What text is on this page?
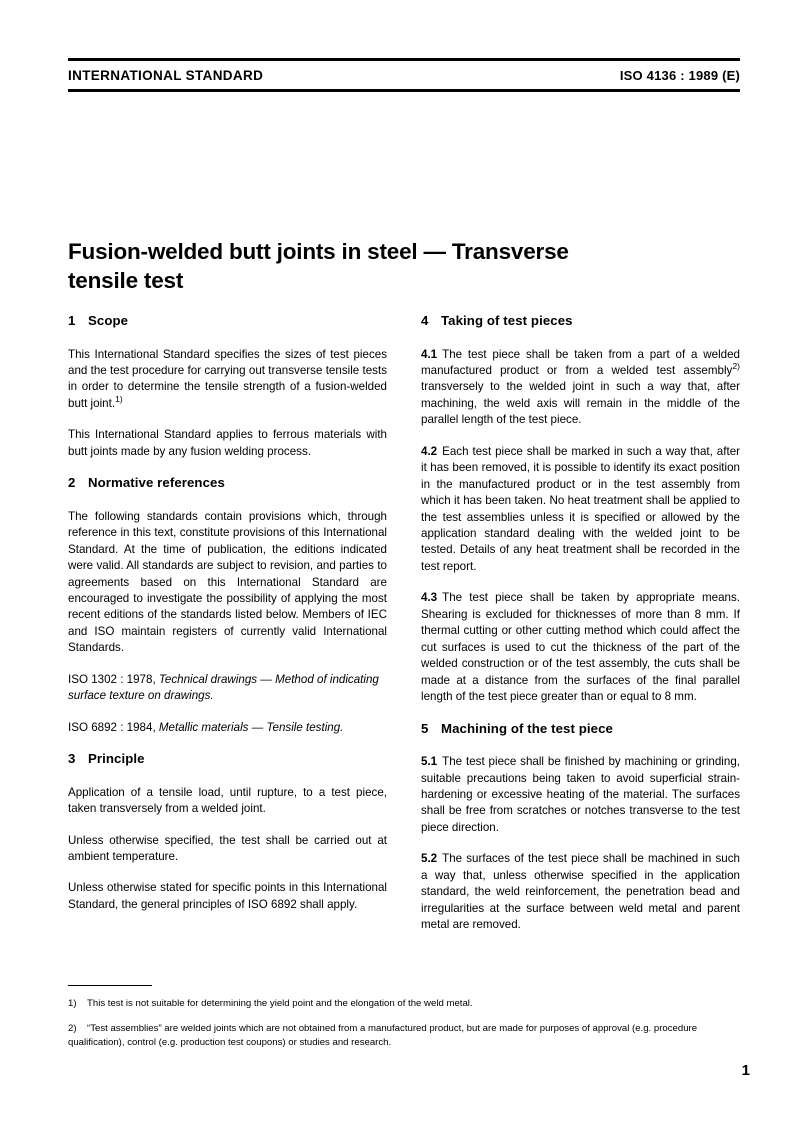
INTERNATIONAL STANDARD	ISO 4136 : 1989 (E)
Fusion-welded butt joints in steel — Transverse
tensile test
1 Scope

This International Standard specifies the sizes of test pieces and the test procedure for carrying out transverse tensile tests in order to determine the tensile strength of a fusion-welded butt joint.$^{1)}$

This International Standard applies to ferrous materials with butt joints made by any fusion welding process.

2 Normative references

The following standards contain provisions which, through reference in this text, constitute provisions of this International Standard. At the time of publication, the editions indicated were valid. All standards are subject to revision, and parties to agreements based on this International Standard are encouraged to investigate the possibility of applying the most recent editions of the standards listed below. Members of IEC and ISO maintain registers of currently valid International Standards.

ISO 1302 : 1978, Technical drawings — Method of indicating surface texture on drawings.

ISO 6892 : 1984, Metallic materials — Tensile testing.

3 Principle

Application of a tensile load, until rupture, to a test piece, taken transversely from a welded joint.

Unless otherwise specified, the test shall be carried out at ambient temperature.

Unless otherwise stated for specific points in this International Standard, the general principles of ISO 6892 shall apply.

4 Taking of test pieces

4.1 The test piece shall be taken from a part of a welded manufactured product or from a welded test assembly$^{2)}$ transversely to the welded joint in such a way that, after machining, the weld axis will remain in the middle of the parallel length of the test piece.

4.2 Each test piece shall be marked in such a way that, after it has been removed, it is possible to identify its exact position in the manufactured product or in the test assembly from which it has been taken. No heat treatment shall be applied to the test assemblies unless it is specified or allowed by the application standard dealing with the welded joint to be tested. Details of any heat treatment shall be recorded in the test report.

4.3 The test piece shall be taken by appropriate means. Shearing is excluded for thicknesses of more than 8 mm. If thermal cutting or other cutting method which could affect the cut surfaces is used to cut the thickness of the part of the welded construction or of the test assembly, the cuts shall be made at a distance from the surfaces of the final parallel length of the test piece greater than or equal to 8 mm.

5 Machining of the test piece

5.1 The test piece shall be finished by machining or grinding, suitable precautions being taken to avoid superficial strain-hardening or excessive heating of the material. The surfaces shall be free from scratches or notches transverse to the test piece direction.

5.2 The surfaces of the test piece shall be machined in such a way that, unless otherwise specified in the application standard, the weld reinforcement, the penetration bead and irregularities at the surface between weld metal and parent metal are removed.

1) This test is not suitable for determining the yield point and the elongation of the weld metal.

2) “Test assemblies” are welded joints which are not obtained from a manufactured product, but are made for purposes of approval (e.g. procedure qualification), control (e.g. production test coupons) or studies and research.

1
